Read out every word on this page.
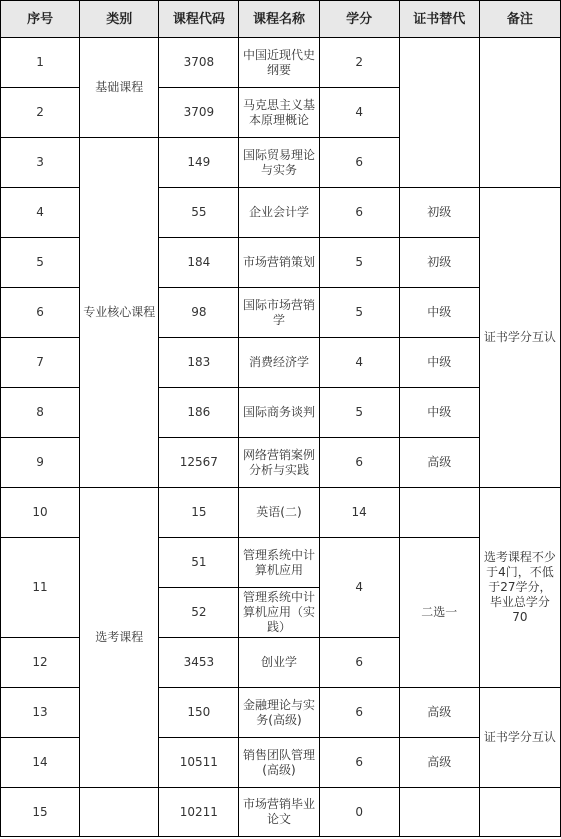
序号	类别	课程代码	课程名称	学分	证书替代	备注
1	基础课程	3708	中国近现代史纲要	2		
2		3709	马克思主义基本原理概论	4		
3	专业核心课程	149	国际贸易理论与实务	6		
4		55	企业会计学	6	初级	证书学分互认
5		184	市场营销策划	5	初级	
6		98	国际市场营销学	5	中级	
7		183	消费经济学	4	中级	
8		186	国际商务谈判	5	中级	
9		12567	网络营销案例分析与实践	6	高级	
10	选考课程	15	英语(二)	14		选考课程不少于4门，不低于27学分，毕业总学分70
11		51	管理系统中计算机应用	4	二选一	
		52	管理系统中计算机应用（实践）			
12		3453	创业学	6		
13		150	金融理论与实务(高级)	6	高级	证书学分互认
14		10511	销售团队管理(高级)	6	高级	
15		10211	市场营销毕业论文	0		
